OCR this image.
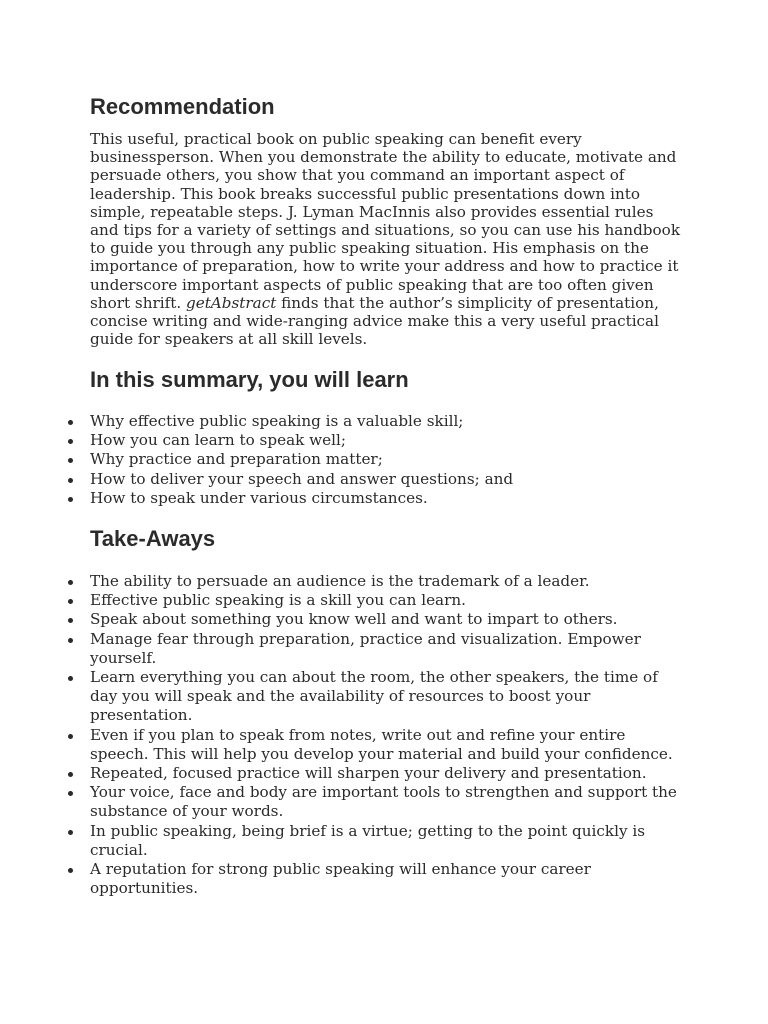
Recommendation

This useful, practical book on public speaking can benefit every businessperson. When you demonstrate the ability to educate, motivate and persuade others, you show that you command an important aspect of leadership. This book breaks successful public presentations down into simple, repeatable steps. J. Lyman MacInnis also provides essential rules and tips for a variety of settings and situations, so you can use his handbook to guide you through any public speaking situation. His emphasis on the importance of preparation, how to write your address and how to practice it underscore important aspects of public speaking that are too often given short shrift. getAbstract finds that the author’s simplicity of presentation, concise writing and wide-ranging advice make this a very useful practical guide for speakers at all skill levels.

In this summary, you will learn
Why effective public speaking is a valuable skill;
How you can learn to speak well;
Why practice and preparation matter;
How to deliver your speech and answer questions; and
How to speak under various circumstances.
Take-Aways
The ability to persuade an audience is the trademark of a leader.
Effective public speaking is a skill you can learn.
Speak about something you know well and want to impart to others.
Manage fear through preparation, practice and visualization. Empower yourself.
Learn everything you can about the room, the other speakers, the time of day you will speak and the availability of resources to boost your presentation.
Even if you plan to speak from notes, write out and refine your entire speech. This will help you develop your material and build your confidence.
Repeated, focused practice will sharpen your delivery and presentation.
Your voice, face and body are important tools to strengthen and support the substance of your words.
In public speaking, being brief is a virtue; getting to the point quickly is crucial.
A reputation for strong public speaking will enhance your career opportunities.
